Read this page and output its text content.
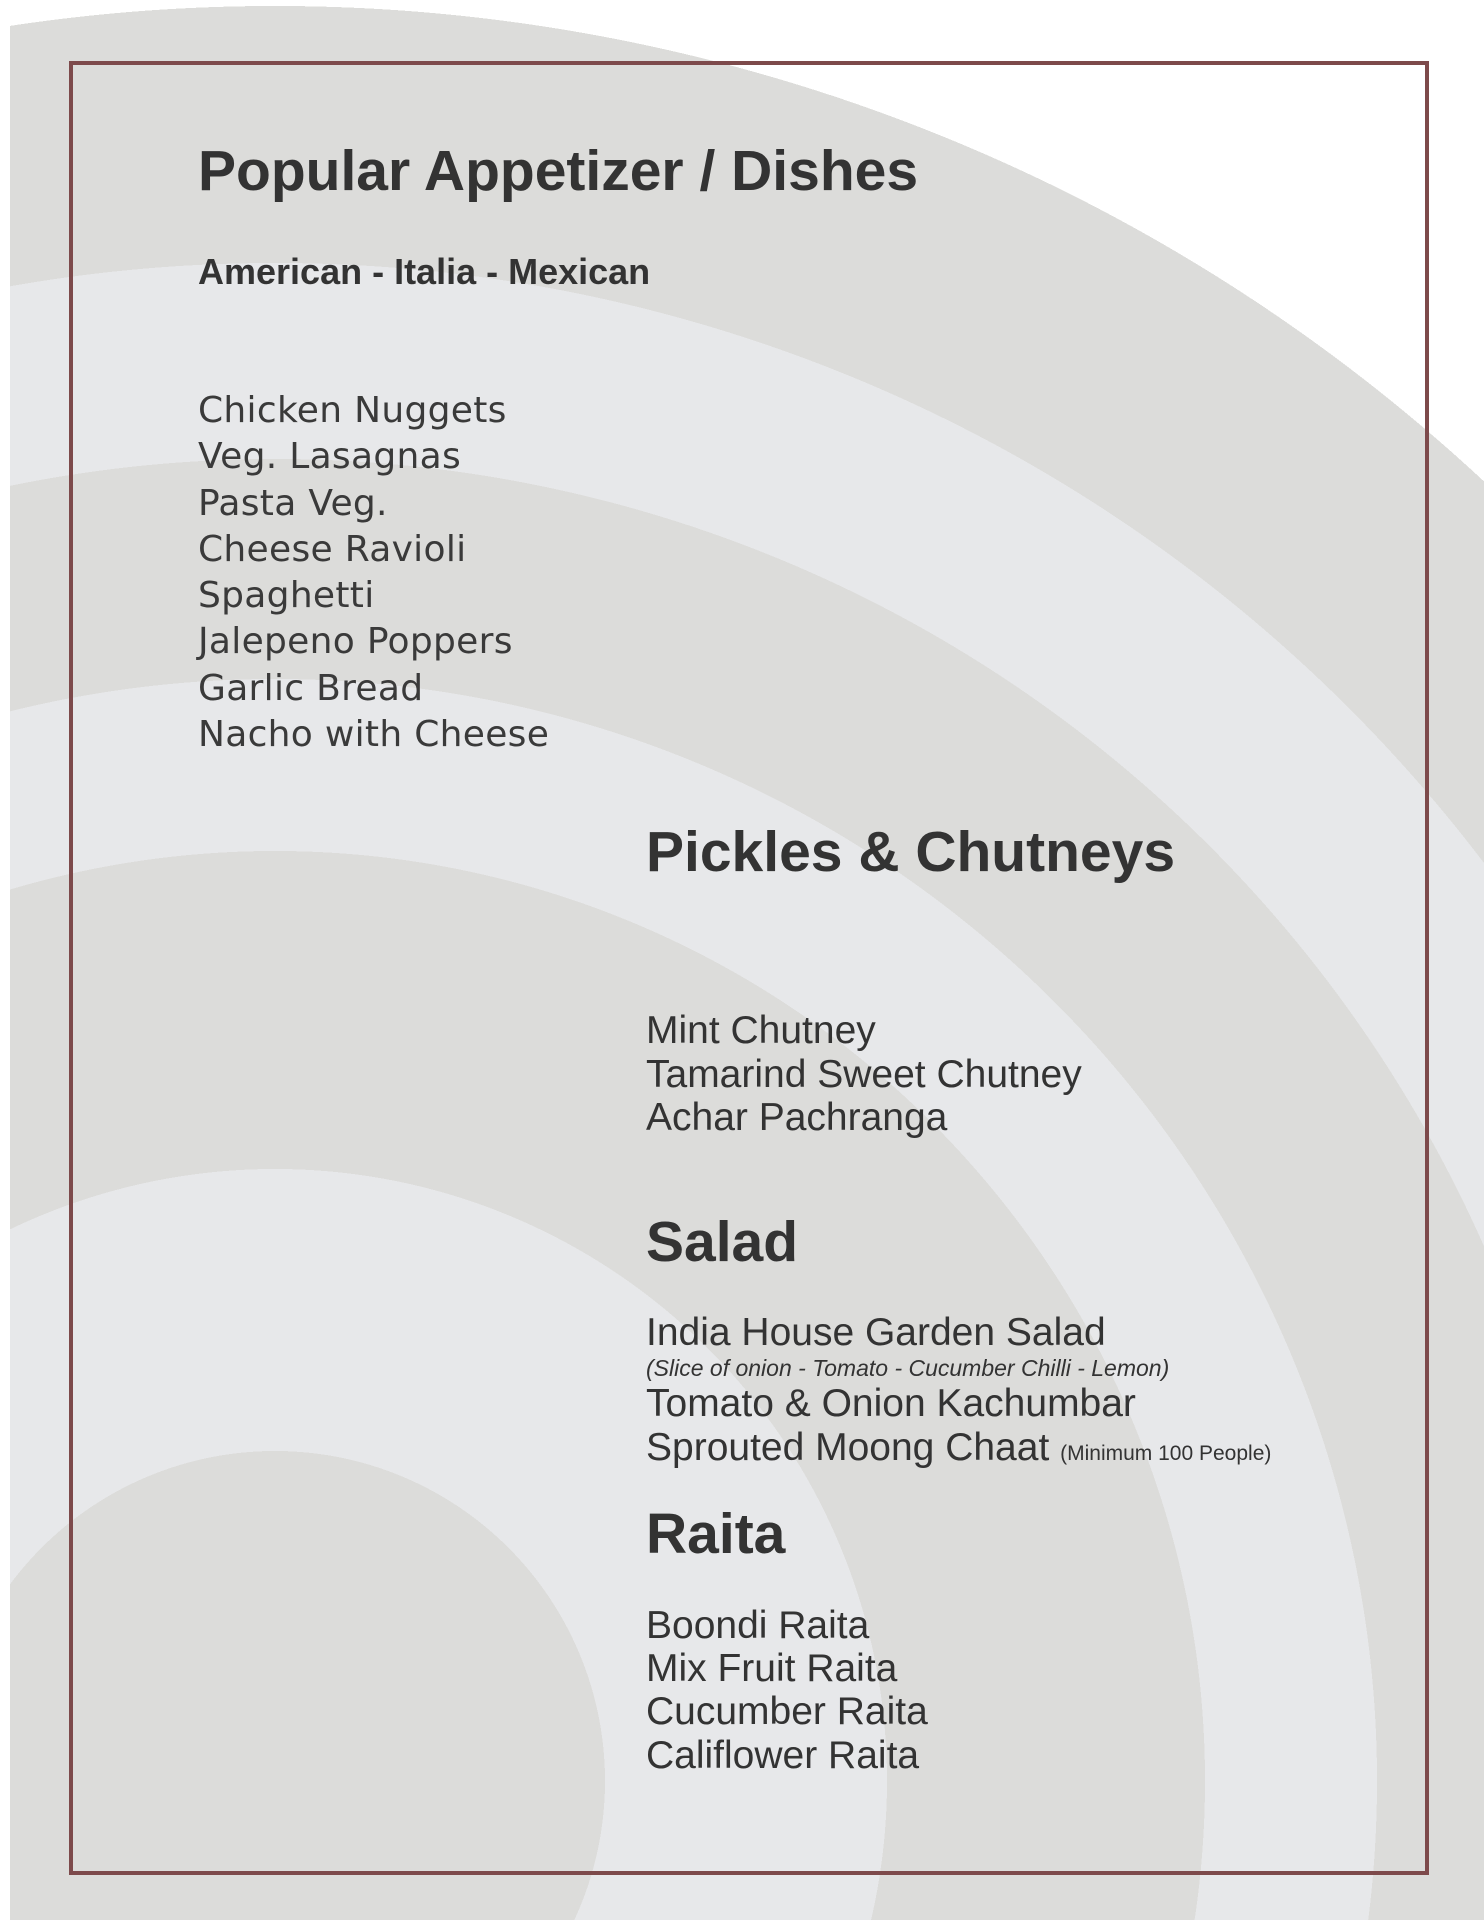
Popular Appetizer / Dishes
American - Italia - Mexican
Chicken Nuggets
Veg. Lasagnas
Pasta Veg.
Cheese Ravioli
Spaghetti
Jalepeno Poppers
Garlic Bread
Nacho with Cheese
Pickles & Chutneys
Mint Chutney
Tamarind Sweet Chutney
Achar Pachranga
Salad
India House Garden Salad
(Slice of onion - Tomato - Cucumber Chilli - Lemon)
Tomato & Onion Kachumbar
Sprouted Moong Chaat (Minimum 100 People)
Raita
Boondi Raita
Mix Fruit Raita
Cucumber Raita
Califlower Raita
